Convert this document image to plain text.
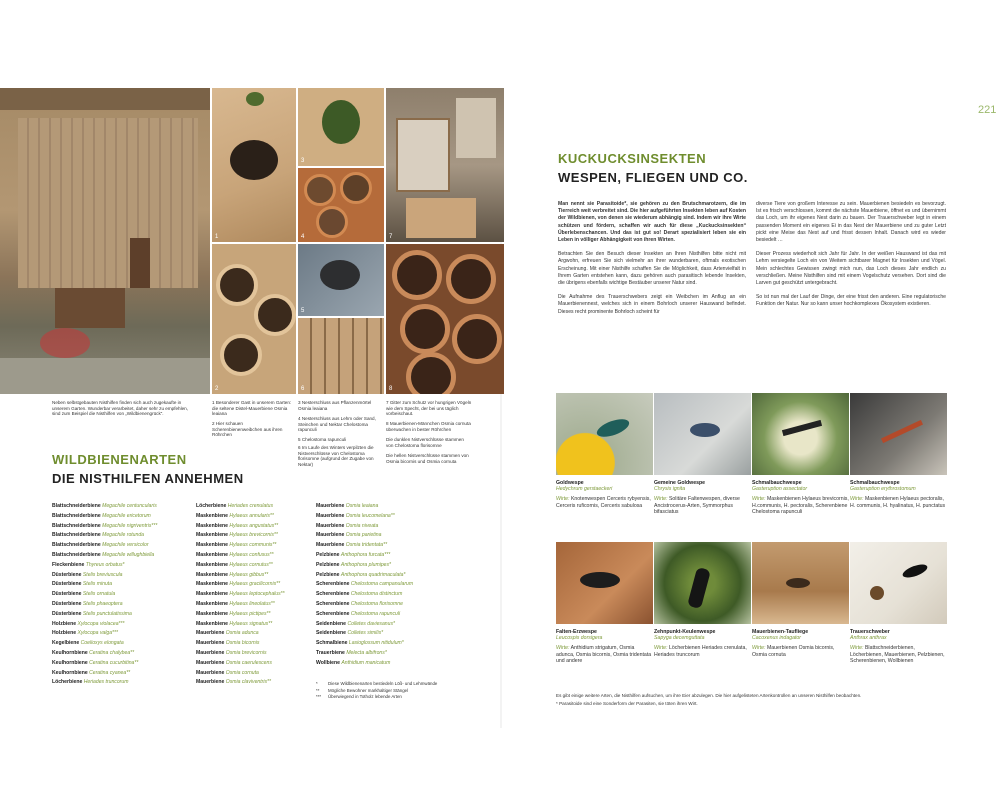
1
3
4	7
2
5
6	8
Neben selbstgebauten Nisthilfen finden sich auch zugekaufte in unserem Garten. Wunderbar verarbeitet, daher sehr zu empfehlen, sind zum Beispiel die Nisthilfen von „Wildbienengrück“.
1 Besonderer Gast in unserem Garten: die seltene Distel-Mauerbiene Osmia leaiana
2 Hier schauen Scherenbienenweibchen aus ihren Röhrchen
3 Nesterschluss aus Pflanzenmörtel Osmia leaiana
4 Nesterschluss aus Lehm oder Sand, Steinchen und Nektar Chelostoma rapunculi
5 Chelostoma rapunculi
6 Im Laufe des Winters verpilzten die Nistverschlüsse von Chelostoma florisomne (aufgrund der Zugabe von Nektar)
7 Gitter zum Schutz vor hungrigen Vögeln wie dem Specht, der bei uns täglich vorbeischaut.
8 Mauerbienen-Männchen Osmia cornuta überwachen in bester Röhrchen
Die dunklen Nistverschlüsse stammen von Chelostoma florisomne
Die hellen Nistverschlüsse stammen von Osmia bicornis und Osmia cornuta
WILDBIENENARTEN
DIE NISTHILFEN ANNEHMEN
Blattschneiderbiene Megachile centuncularis
Blattschneiderbiene Megachile ericetorum
Blattschneiderbiene Megachile nigriventris***
Blattschneiderbiene Megachile rotunda
Blattschneiderbiene Megachile versicolor
Blattschneiderbiene Megachile willughbiella
Fleckenbiene Thyreus orbatus*
Düsterbiene Stelis breviuscula
Düsterbiene Stelis minuta
Düsterbiene Stelis ornatula
Düsterbiene Stelis phaeoptera
Düsterbiene Stelis punctulatissima
Holzbiene Xylocopa violacea***
Holzbiene Xylocopa valga***
Kegelbiene Coelioxys elongata
Keulhornbiene Ceratina chalybea**
Keulhornbiene Ceratina cucurbitina**
Keulhornbiene Ceratina cyanea**
Löcherbiene Heriades truncorum
Löcherbiene Heriades crenulatus
Maskenbiene Hylaeus annularis**
Maskenbiene Hylaeus angustatus**
Maskenbiene Hylaeus brevicornis**
Maskenbiene Hylaeus communis**
Maskenbiene Hylaeus confusus**
Maskenbiene Hylaeus cornutus**
Maskenbiene Hylaeus gibbus**
Maskenbiene Hylaeus gracilicornis**
Maskenbiene Hylaeus leptocephalus**
Maskenbiene Hylaeus lineolatus**
Maskenbiene Hylaeus pictipes**
Maskenbiene Hylaeus signatus**
Mauerbiene Osmia adunca
Mauerbiene Osmia bicornis
Mauerbiene Osmia brevicornis
Mauerbiene Osmia caerulescens
Mauerbiene Osmia cornuta
Mauerbiene Osmia claviventris**
Mauerbiene Osmia leaiana
Mauerbiene Osmia leucomelana**
Mauerbiene Osmia niveata
Mauerbiene Osmia parietina
Mauerbiene Osmia tridentata**
Pelzbiene Anthophora furcata***
Pelzbiene Anthophora plumipes*
Pelzbiene Anthophora quadrimaculata*
Scherenbiene Chelostoma campanularum
Scherenbiene Chelostoma distinctum
Scherenbiene Chelostoma florisomne
Scherenbiene Chelostoma rapunculi
Seidenbiene Colletes daviesanus*
Seidenbiene Colletes similis*
Schmalbiene Lasioglossum nitidulum*
Trauerbiene Melecta albifrons*
Wollbiene Anthidium manicatum
* Diese Wildbienenarten bestiedeln Löß- und Lehmwände
** Mögliche Bewohner markhaltiger Stängel
*** Überwiegend in Totholz lebende Arten
221
KUCKUCKSINSEKTEN
WESPEN, FLIEGEN UND CO.

Man nennt sie Parasitoide*, sie gehören zu den Brutschmarotzern, die im Tierreich weit verbreitet sind. Die hier aufgeführten Insekten leben auf Kosten der Wildbienen, von denen sie wiederum abhängig sind. Indem wir ihre Wirte schützen und fördern, schaffen wir auch für diese „Kuckucksinsekten“ Überlebenschancen. Und das ist gut so! Derart spezialisiert leben sie ein Leben in völliger Abhängigkeit von ihren Wirten.

Betrachten Sie den Besuch dieser Insekten an Ihren Nisthilfen bitte nicht mit Argwohn, erfreuen Sie sich vielmehr an ihrer wunderbaren, oftmals exotischen Erscheinung. Mit einer Nisthilfe schaffen Sie die Möglichkeit, dass Artenvielfalt in Ihrem Garten entstehen kann, dazu gehören auch parasitisch lebende Insekten, die übrigens ebenfalls wichtige Bestäuber unserer Natur sind.

Die Aufnahme des Trauerschwebers zeigt ein Weibchen im Anflug an ein Mauerbienennest, welches sich in einem Bohrloch unserer Hauswand befindet. Dieses recht prominente Bohrloch scheint für

diverse Tiere von großem Interesse zu sein. Mauerbienen besiedeln es bevorzugt. Ist es frisch verschlossen, kommt die nächste Mauerbiene, öffnet es und übernimmt das Loch, um ihr eigenes Nest darin zu bauen. Der Trauerschweber legt in einem passenden Moment ein eigenes Ei in das Nest der Mauerbiene und zu guter Letzt pickt eine Meise das Nest auf und frisst dessen Inhalt. Danach wird es wieder besiedelt …

Dieser Prozess wiederholt sich Jahr für Jahr. In der weißen Hauswand ist das mit Lehm versiegelte Loch ein von Weitem sichtbarer Magnet für Insekten und Vögel. Mein schlechtes Gewissen zwingt mich nun, das Loch dieses Jahr endlich zu verschließen. Meine Nisthilfen sind mit einem Vogelschutz versehen. Dort sind die Larven gut geschützt untergebracht.

So ist nun mal der Lauf der Dinge, der eine frisst den anderen. Eine regulatorische Funktion der Natur. Nur so kann unser hochkomplexes Ökosystem existieren.

Goldwespe
Hedychrum gerstaeckeri
Wirte: Knotenwespen Cerceris rybyensis, Cerceris ruficornis, Cerceris sabulosa
Gemeine Goldwespe
Chrysis ignita
Wirte: Solitäre Faltenwespen, diverse Ancistrocerus-Arten, Symmorphus bifasciatus
Schmalbauchwespe
Gasteruption assectator
Wirte: Maskenbienen Hylaeus brevicornis, H.communis, H. pectoralis, Scherenbiene Chelostoma rapunculi
Schmalbauchwespe
Gasteruption erythrostomum
Wirte: Maskenbienen Hylaeus pectoralis, H. communis, H. hyalinatus, H. punctatus
Falten-Erzwespe
Leucospis dorsigera
Wirte: Anthidium strigatum, Osmia adunca, Osmia bicornis, Osmia tridentata und andere
Zehnpunkt-Keulenwespe
Sapyga decemguttata
Wirte: Löcherbienen Heriades crenulata, Heriades truncorum
Mauerbienen-Taufliege
Cacoxenus indagator
Wirte: Mauerbienen Osmia bicornis, Osmia cornuta
Trauerschweber
Anthrax anthrax
Wirte: Blattschneiderbienen, Löcherbienen, Mauerbienen, Pelzbienen, Scherenbienen, Wollbienen
Es gibt einige weitere Arten, die Nisthilfen aufsuchen, um ihre Eier abzulegen. Die hier aufgelisteten Artenkontrollen an unseren Nisthilfen beobachten.
* Parasitoide sind eine Sonderform der Parasiten, sie töten ihren Wirt.
